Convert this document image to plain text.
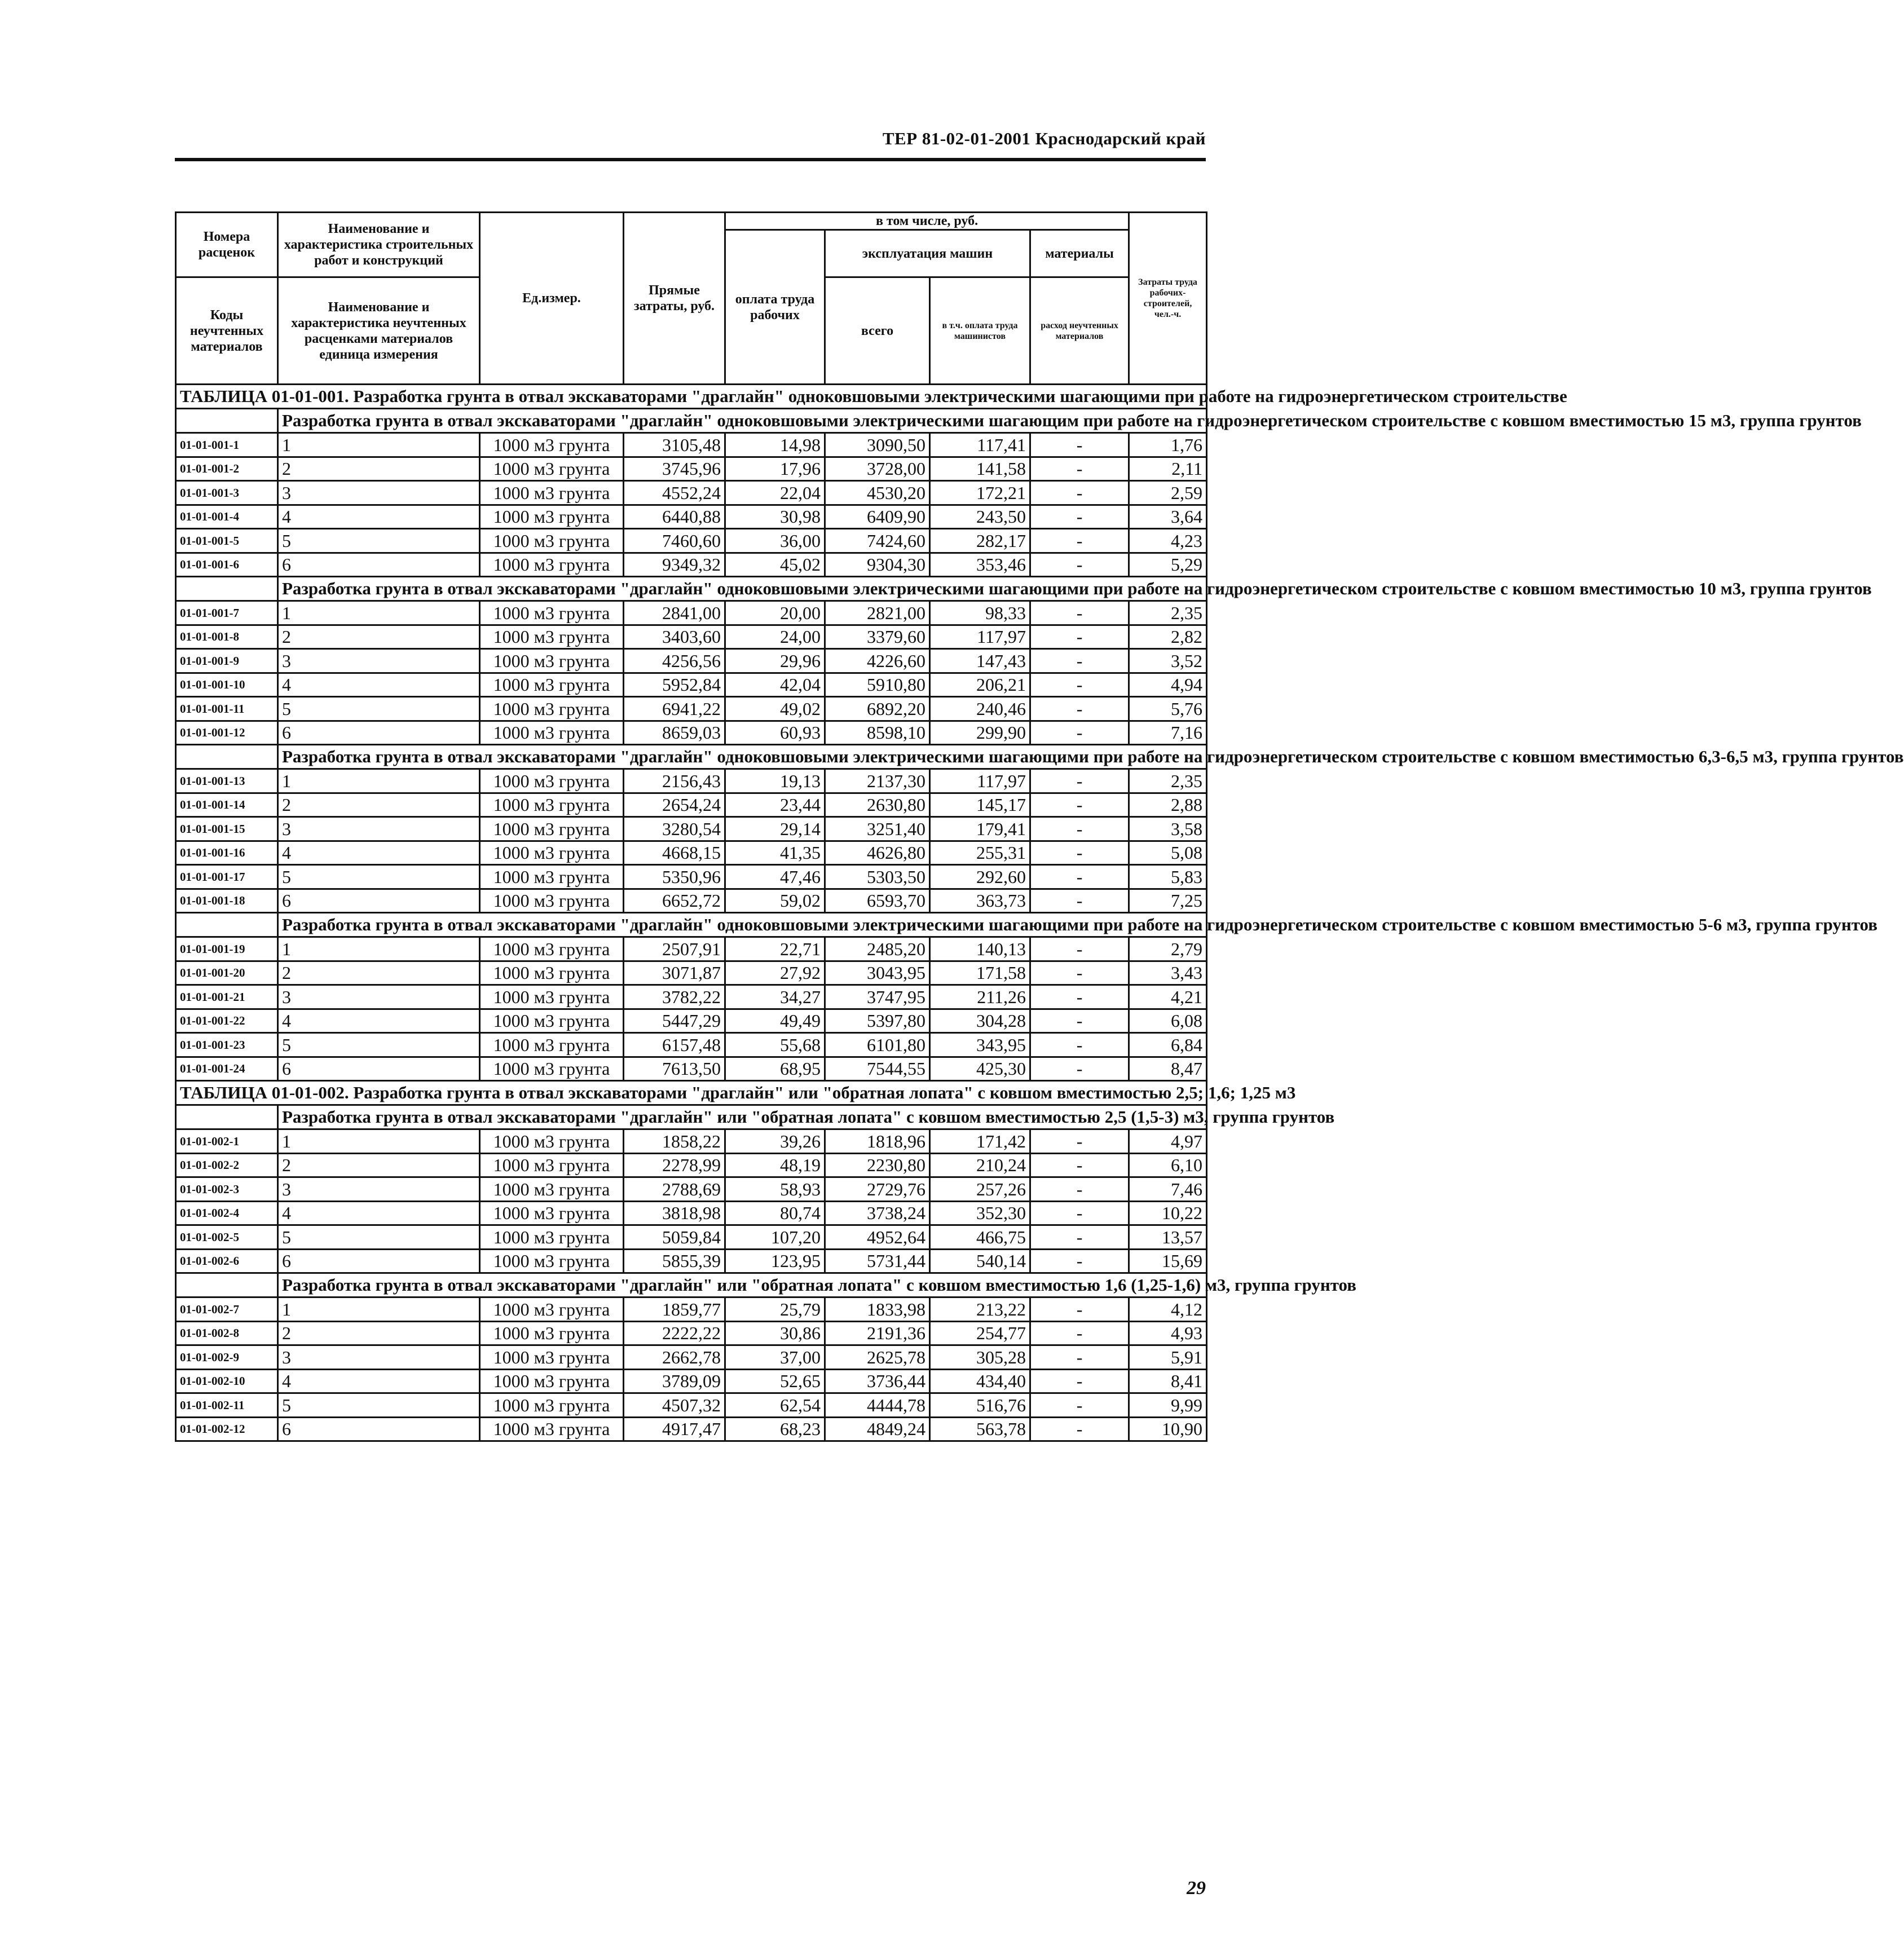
ТЕР 81-02-01-2001 Краснодарский край
Номера расценок	Наименование и характеристика строительных работ и конструкций	Ед.измер.	Прямые затраты, руб.	в том числе, руб.				Затраты труда рабочих-строителей, чел.-ч.
				оплата труда рабочих	эксплуатация машин		материалы	
Коды неучтенных материалов	Наименование и характеристика неучтенных расценками материалов единица измерения				всего	в т.ч. оплата труда машинистов	расход неучтенных материалов	

ТАБЛИЦА 01-01-001. Разработка грунта в отвал экскаваторами "драглайн" одноковшовыми электрическими шагающими при работе на гидроэнергетическом строительстве								
	Разработка грунта в отвал экскаваторами "драглайн" одноковшовыми электрическими шагающим при работе на гидроэнергетическом строительстве с ковшом вместимостью 15 м3, группа грунтов							
01-01-001-1	1	1000 м3 грунта	3105,48	14,98	3090,50	117,41	-	1,76
01-01-001-2	2	1000 м3 грунта	3745,96	17,96	3728,00	141,58	-	2,11
01-01-001-3	3	1000 м3 грунта	4552,24	22,04	4530,20	172,21	-	2,59
01-01-001-4	4	1000 м3 грунта	6440,88	30,98	6409,90	243,50	-	3,64
01-01-001-5	5	1000 м3 грунта	7460,60	36,00	7424,60	282,17	-	4,23
01-01-001-6	6	1000 м3 грунта	9349,32	45,02	9304,30	353,46	-	5,29
	Разработка грунта в отвал экскаваторами "драглайн" одноковшовыми электрическими шагающими при работе на гидроэнергетическом строительстве с ковшом вместимостью 10 м3, группа грунтов							
01-01-001-7	1	1000 м3 грунта	2841,00	20,00	2821,00	98,33	-	2,35
01-01-001-8	2	1000 м3 грунта	3403,60	24,00	3379,60	117,97	-	2,82
01-01-001-9	3	1000 м3 грунта	4256,56	29,96	4226,60	147,43	-	3,52
01-01-001-10	4	1000 м3 грунта	5952,84	42,04	5910,80	206,21	-	4,94
01-01-001-11	5	1000 м3 грунта	6941,22	49,02	6892,20	240,46	-	5,76
01-01-001-12	6	1000 м3 грунта	8659,03	60,93	8598,10	299,90	-	7,16
	Разработка грунта в отвал экскаваторами "драглайн" одноковшовыми электрическими шагающими при работе на гидроэнергетическом строительстве с ковшом вместимостью 6,3-6,5 м3, группа грунтов							
01-01-001-13	1	1000 м3 грунта	2156,43	19,13	2137,30	117,97	-	2,35
01-01-001-14	2	1000 м3 грунта	2654,24	23,44	2630,80	145,17	-	2,88
01-01-001-15	3	1000 м3 грунта	3280,54	29,14	3251,40	179,41	-	3,58
01-01-001-16	4	1000 м3 грунта	4668,15	41,35	4626,80	255,31	-	5,08
01-01-001-17	5	1000 м3 грунта	5350,96	47,46	5303,50	292,60	-	5,83
01-01-001-18	6	1000 м3 грунта	6652,72	59,02	6593,70	363,73	-	7,25
	Разработка грунта в отвал экскаваторами "драглайн" одноковшовыми электрическими шагающими при работе на гидроэнергетическом строительстве с ковшом вместимостью 5-6 м3, группа грунтов							
01-01-001-19	1	1000 м3 грунта	2507,91	22,71	2485,20	140,13	-	2,79
01-01-001-20	2	1000 м3 грунта	3071,87	27,92	3043,95	171,58	-	3,43
01-01-001-21	3	1000 м3 грунта	3782,22	34,27	3747,95	211,26	-	4,21
01-01-001-22	4	1000 м3 грунта	5447,29	49,49	5397,80	304,28	-	6,08
01-01-001-23	5	1000 м3 грунта	6157,48	55,68	6101,80	343,95	-	6,84
01-01-001-24	6	1000 м3 грунта	7613,50	68,95	7544,55	425,30	-	8,47
ТАБЛИЦА 01-01-002. Разработка грунта в отвал экскаваторами "драглайн" или "обратная лопата" с ковшом вместимостью 2,5; 1,6; 1,25 м3								
	Разработка грунта в отвал экскаваторами "драглайн" или "обратная лопата" с ковшом вместимостью 2,5 (1,5-3) м3, группа грунтов							
01-01-002-1	1	1000 м3 грунта	1858,22	39,26	1818,96	171,42	-	4,97
01-01-002-2	2	1000 м3 грунта	2278,99	48,19	2230,80	210,24	-	6,10
01-01-002-3	3	1000 м3 грунта	2788,69	58,93	2729,76	257,26	-	7,46
01-01-002-4	4	1000 м3 грунта	3818,98	80,74	3738,24	352,30	-	10,22
01-01-002-5	5	1000 м3 грунта	5059,84	107,20	4952,64	466,75	-	13,57
01-01-002-6	6	1000 м3 грунта	5855,39	123,95	5731,44	540,14	-	15,69
	Разработка грунта в отвал экскаваторами "драглайн" или "обратная лопата" с ковшом вместимостью 1,6 (1,25-1,6) м3, группа грунтов							
01-01-002-7	1	1000 м3 грунта	1859,77	25,79	1833,98	213,22	-	4,12
01-01-002-8	2	1000 м3 грунта	2222,22	30,86	2191,36	254,77	-	4,93
01-01-002-9	3	1000 м3 грунта	2662,78	37,00	2625,78	305,28	-	5,91
01-01-002-10	4	1000 м3 грунта	3789,09	52,65	3736,44	434,40	-	8,41
01-01-002-11	5	1000 м3 грунта	4507,32	62,54	4444,78	516,76	-	9,99
01-01-002-12	6	1000 м3 грунта	4917,47	68,23	4849,24	563,78	-	10,90
29
